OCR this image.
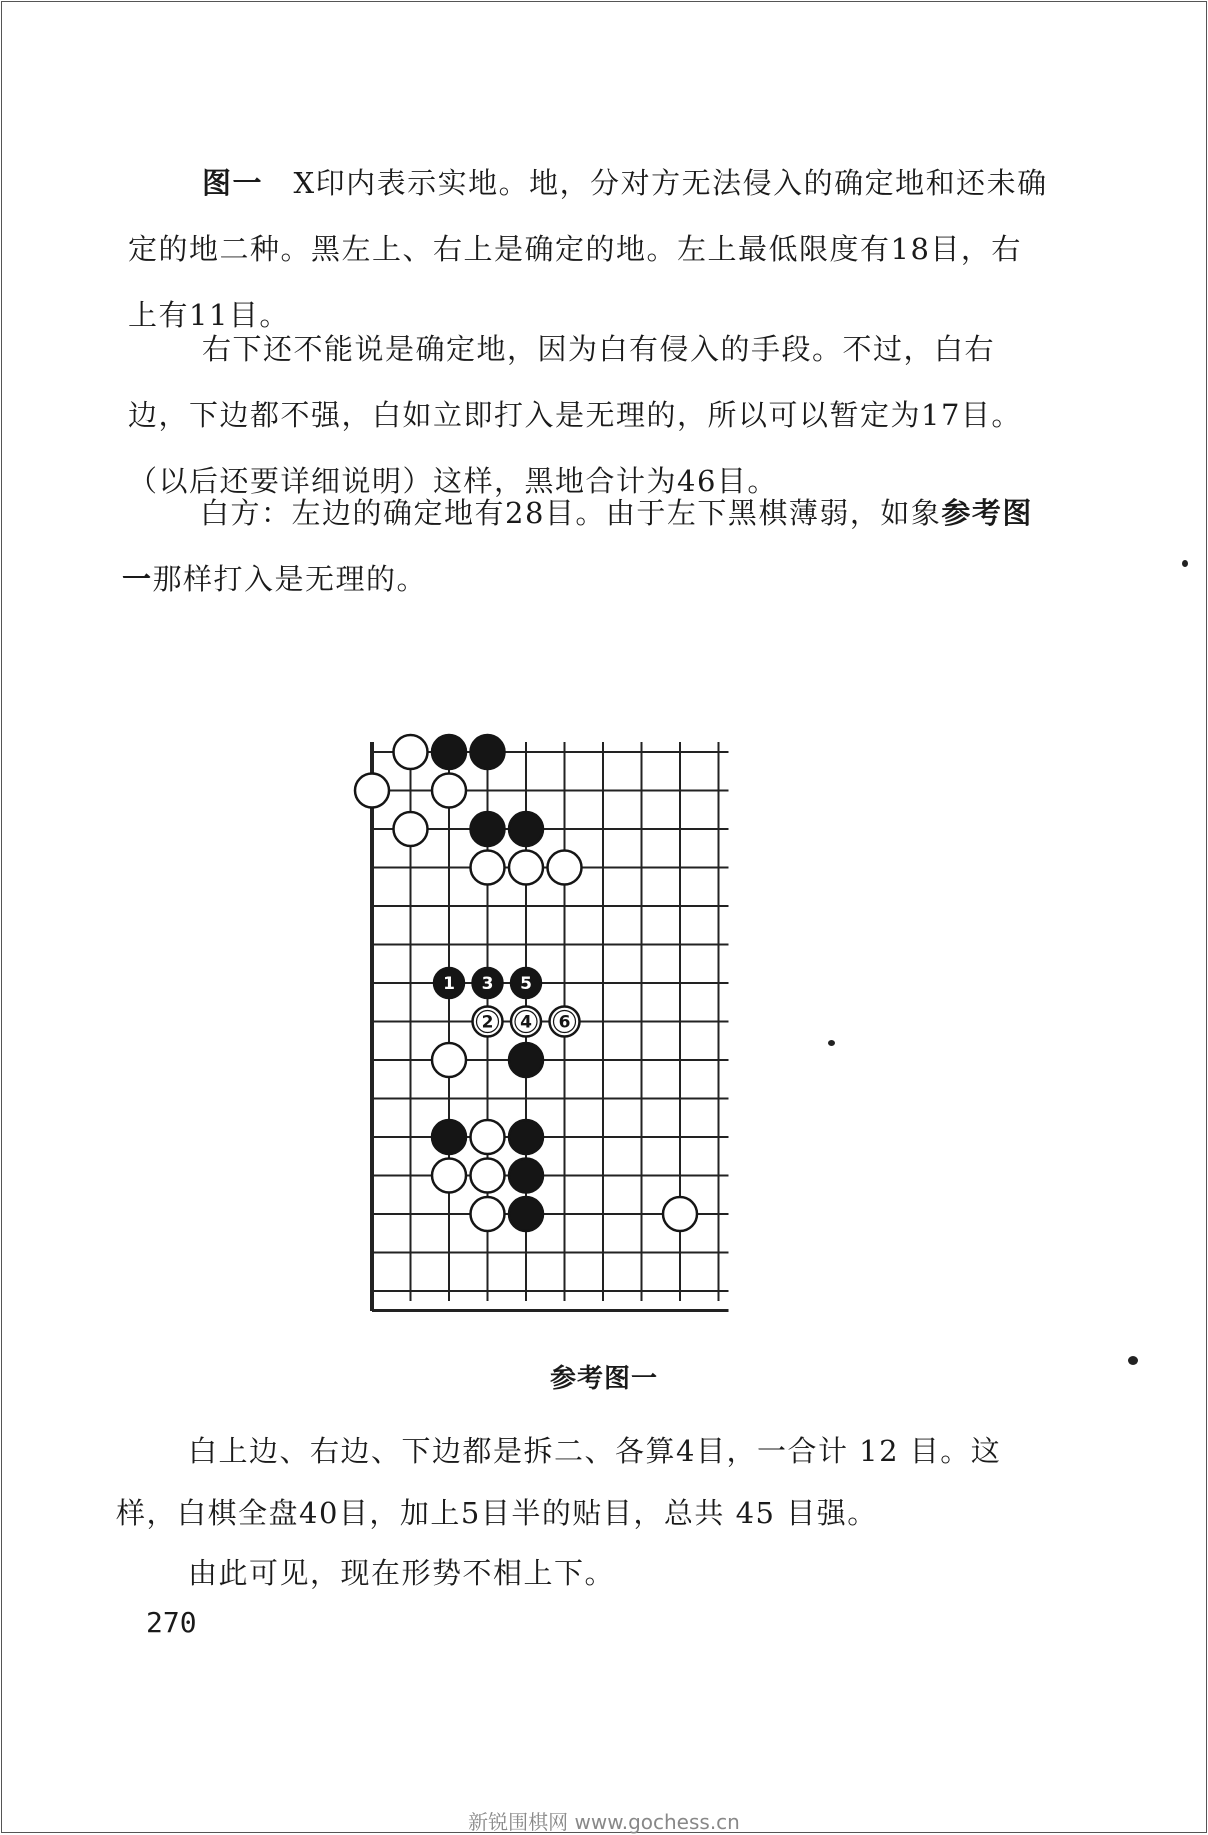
图一　 X印内表示实地。地，分对方无法侵入的确定地和还未确定的地二种。黑左上、右上是确定的地。左上最低限度有18目，右上有11目。

右下还不能说是确定地，因为白有侵入的手段。不过，白右边，下边都不强，白如立即打入是无理的，所以可以暂定为17目。（以后还要详细说明）这样，黑地合计为46目。

白方：左边的确定地有28目。由于左下黑棋薄弱，如象参考图一那样打入是无理的。

1 3 5
2 4 6
参考图一

白上边、右边、下边都是拆二、各算4目，一合计 12 目。这样，白棋全盘40目，加上5目半的贴目，总共 45 目强。

由此可见，现在形势不相上下。

270
新锐围棋网 www.gochess.cn
